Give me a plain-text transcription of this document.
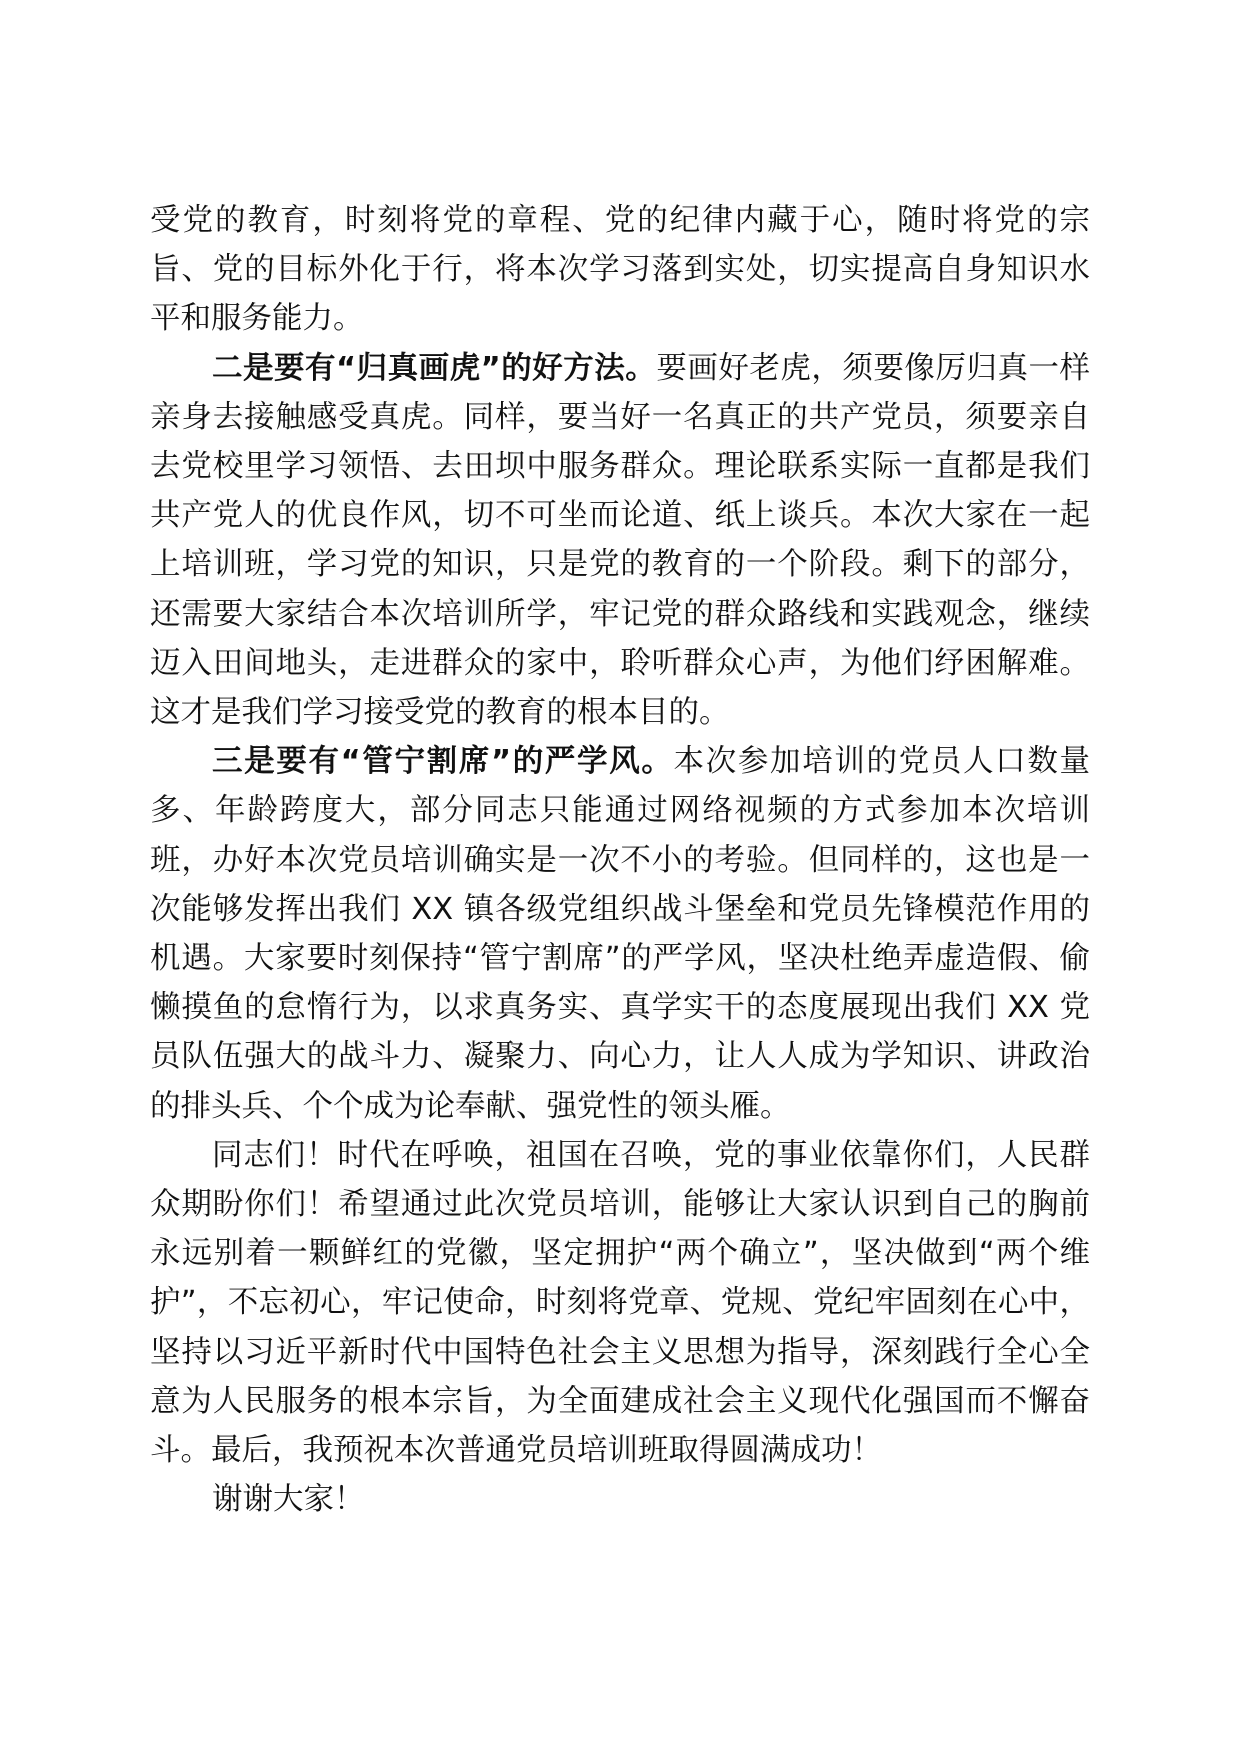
受党的教育，时刻将党的章程、党的纪律内藏于心，随时将党的宗旨、党的目标外化于行，将本次学习落到实处，切实提高自身知识水平和服务能力。

二是要有“归真画虎”的好方法。要画好老虎，须要像厉归真一样亲身去接触感受真虎。同样，要当好一名真正的共产党员，须要亲自去党校里学习领悟、去田坝中服务群众。理论联系实际一直都是我们共产党人的优良作风，切不可坐而论道、纸上谈兵。本次大家在一起上培训班，学习党的知识，只是党的教育的一个阶段。剩下的部分，还需要大家结合本次培训所学，牢记党的群众路线和实践观念，继续迈入田间地头，走进群众的家中，聆听群众心声，为他们纾困解难。这才是我们学习接受党的教育的根本目的。

三是要有“管宁割席”的严学风。本次参加培训的党员人口数量多、年龄跨度大，部分同志只能通过网络视频的方式参加本次培训班，办好本次党员培训确实是一次不小的考验。但同样的，这也是一次能够发挥出我们 XX 镇各级党组织战斗堡垒和党员先锋模范作用的机遇。大家要时刻保持“管宁割席”的严学风，坚决杜绝弄虚造假、偷懒摸鱼的怠惰行为，以求真务实、真学实干的态度展现出我们 XX 党员队伍强大的战斗力、凝聚力、向心力，让人人成为学知识、讲政治的排头兵、个个成为论奉献、强党性的领头雁。

同志们！时代在呼唤，祖国在召唤，党的事业依靠你们，人民群众期盼你们！希望通过此次党员培训，能够让大家认识到自己的胸前永远别着一颗鲜红的党徽，坚定拥护“两个确立”，坚决做到“两个维护”，不忘初心，牢记使命，时刻将党章、党规、党纪牢固刻在心中，坚持以习近平新时代中国特色社会主义思想为指导，深刻践行全心全意为人民服务的根本宗旨，为全面建成社会主义现代化强国而不懈奋斗。最后，我预祝本次普通党员培训班取得圆满成功！

谢谢大家！
